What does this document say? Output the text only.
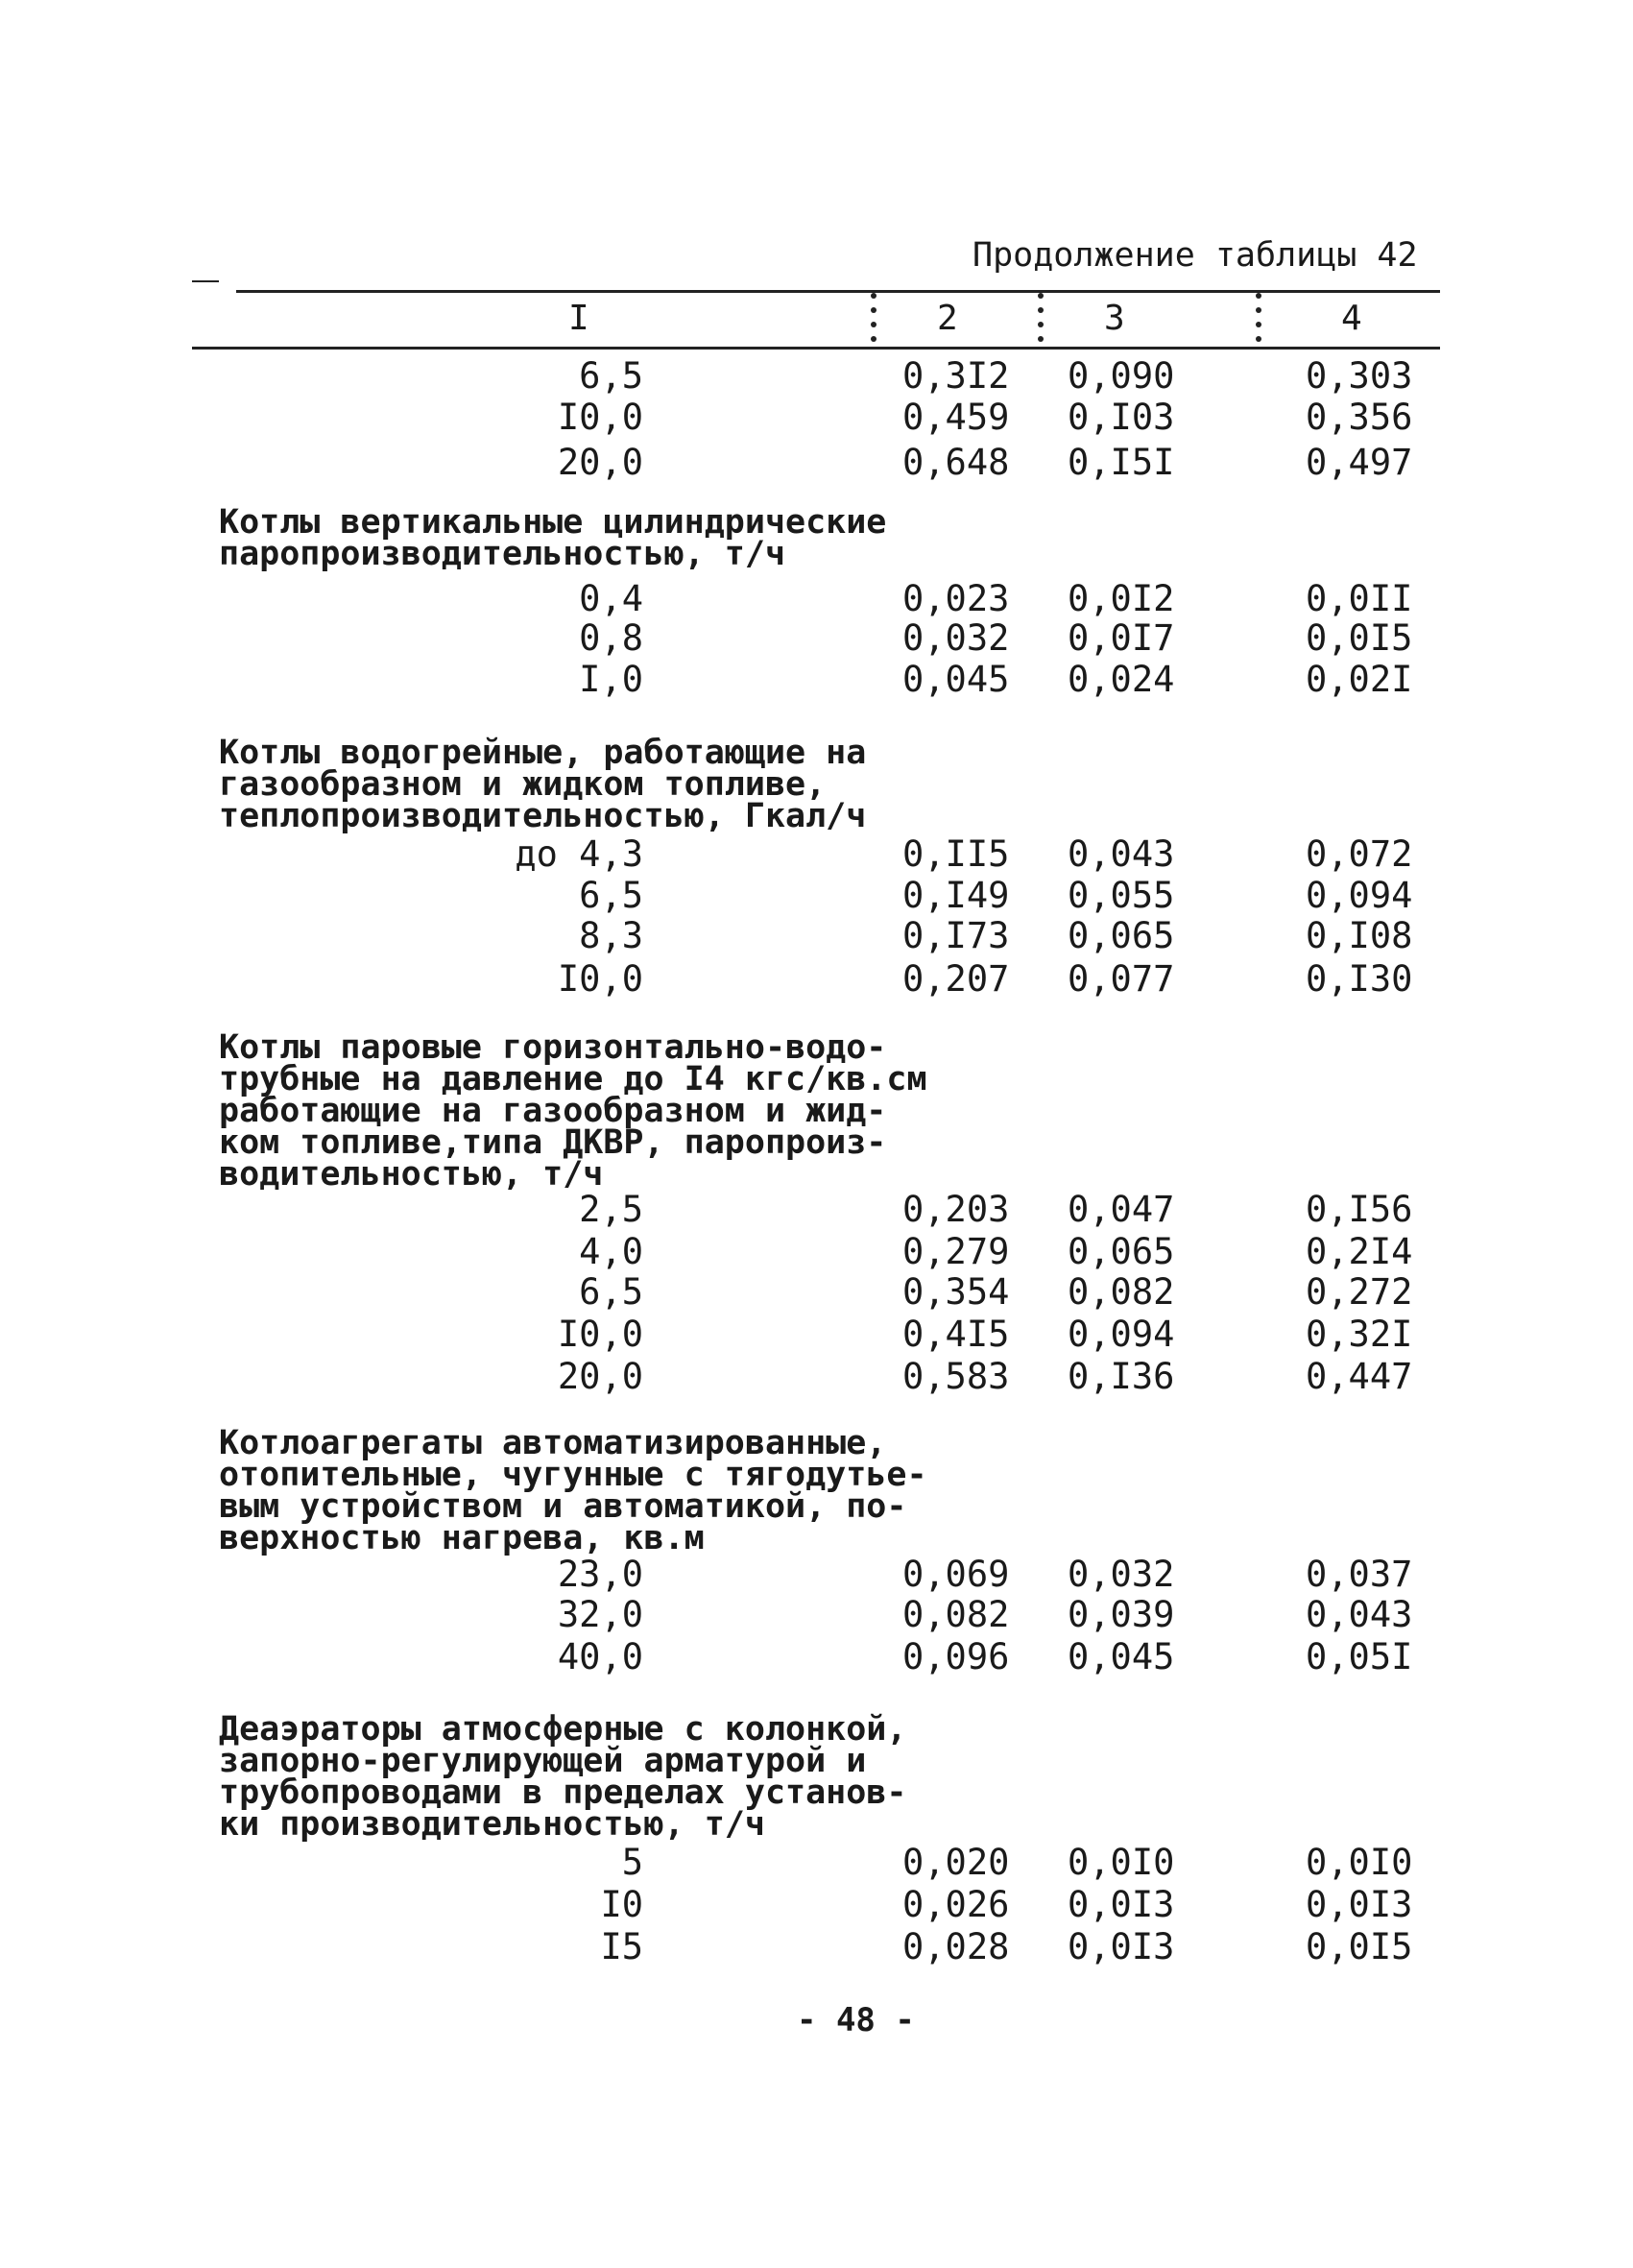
Продолжение таблицы 42
I	2	3	4
6,5	0,3I2 0,090	0,303
I0,0	0,459 0,I03	0,356
20,0	0,648 0,I5I	0,497
Котлы вертикальные цилиндрические
паропроизводительностью, т/ч
0,4	0,023 0,0I2	0,0II
0,8	0,032 0,0I7	0,0I5
I,0	0,045 0,024	0,02I
Котлы водогрейные, работающие на
газообразном и жидком топливе,
теплопроизводительностью, Гкал/ч
до 4,3	0,II5 0,043	0,072
6,5	0,I49 0,055	0,094
8,3	0,I73 0,065	0,I08
I0,0	0,207 0,077	0,I30
Котлы паровые горизонтально-водо-
трубные на давление до I4 кгс/кв.см
работающие на газообразном и жид-
ком топливе,типа ДКВР, паропроиз-
водительностью, т/ч
2,5	0,203 0,047	0,I56
4,0	0,279 0,065	0,2I4
6,5	0,354 0,082	0,272
I0,0	0,4I5 0,094	0,32I
20,0	0,583 0,I36	0,447
Котлоагрегаты автоматизированные,
отопительные, чугунные с тягодутье-
вым устройством и автоматикой, по-
верхностью нагрева, кв.м
23,0	0,069 0,032	0,037
32,0	0,082 0,039	0,043
40,0	0,096 0,045	0,05I
Деаэраторы атмосферные с колонкой,
запорно-регулирующей арматурой и
трубопроводами в пределах установ-
ки производительностью, т/ч
5	0,020 0,0I0	0,0I0
I0	0,026 0,0I3	0,0I3
I5	0,028 0,0I3	0,0I5
- 48 -
